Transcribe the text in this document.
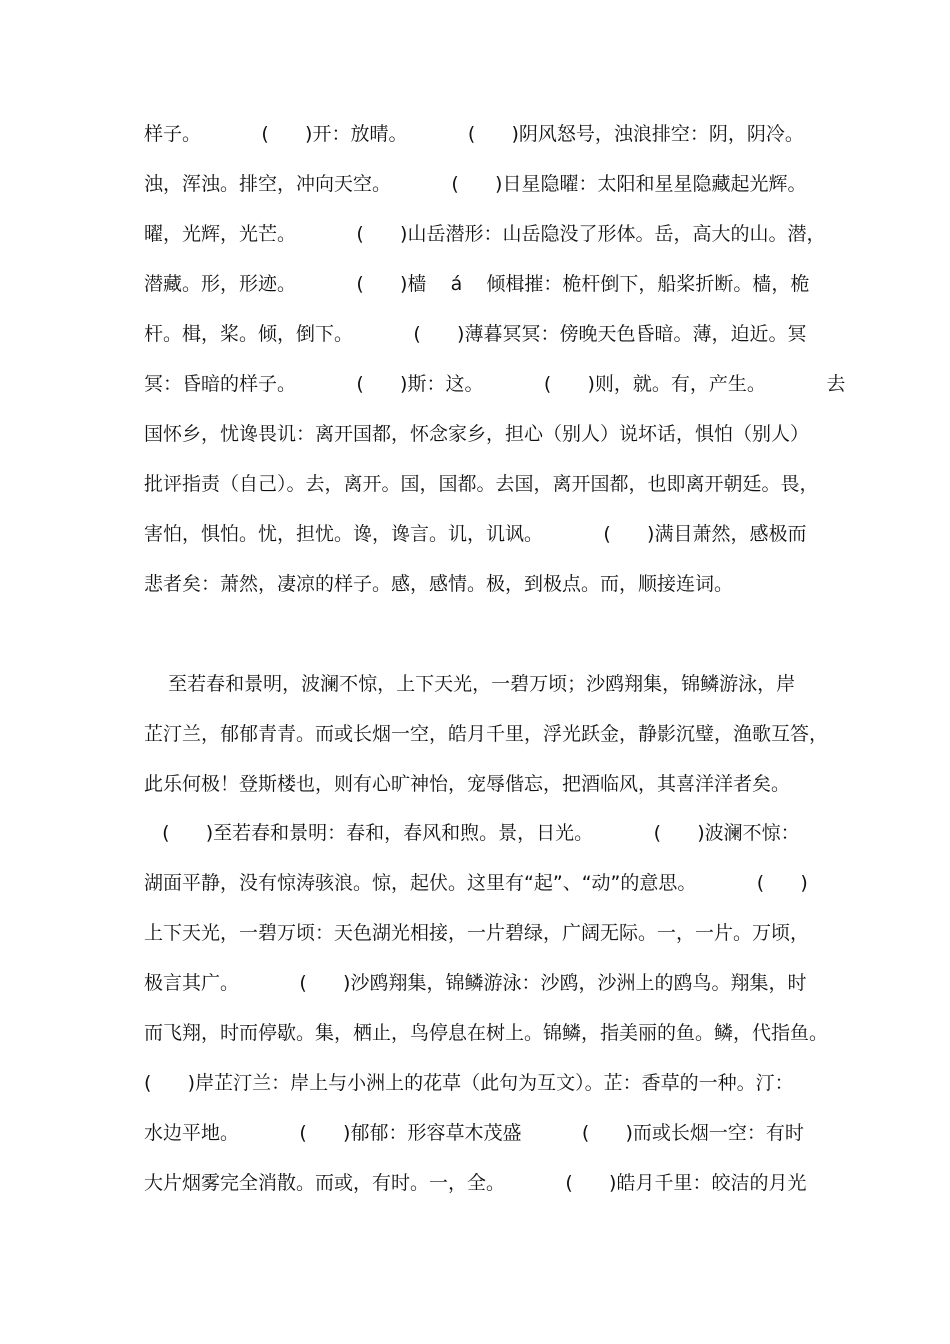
样子。          (      )开：放晴。          (      )阴风怒号，浊浪排空：阴，阴冷。
浊，浑浊。排空，冲向天空。          (      )日星隐曜：太阳和星星隐藏起光辉。
曜，光辉，光芒。          (      )山岳潜形：山岳隐没了形体。岳，高大的山。潜，
潜藏。形，形迹。          (      )樯    á    倾楫摧：桅杆倒下，船桨折断。樯，桅
杆。楫，桨。倾，倒下。          (      )薄暮冥冥：傍晚天色昏暗。薄，迫近。冥
冥：昏暗的样子。          (      )斯：这。          (      )则，就。有，产生。          去
国怀乡，忧谗畏讥：离开国都，怀念家乡，担心（别人）说坏话，惧怕（别人）
批评指责（自己）。去，离开。国，国都。去国，离开国都，也即离开朝廷。畏，
害怕，惧怕。忧，担忧。谗，谗言。讥，讥讽。          (      )满目萧然，感极而
悲者矣：萧然，凄凉的样子。感，感情。极，到极点。而，顺接连词。
至若春和景明，波澜不惊，上下天光，一碧万顷；沙鸥翔集，锦鳞游泳，岸
芷汀兰，郁郁青青。而或长烟一空，皓月千里，浮光跃金，静影沉璧，渔歌互答，
此乐何极！登斯楼也，则有心旷神怡，宠辱偕忘，把酒临风，其喜洋洋者矣。
(      )至若春和景明：春和，春风和煦。景，日光。          (      )波澜不惊：
湖面平静，没有惊涛骇浪。惊，起伏。这里有“起”、“动”的意思。          (      )
上下天光，一碧万顷：天色湖光相接，一片碧绿，广阔无际。一，一片。万顷，
极言其广。          (      )沙鸥翔集，锦鳞游泳：沙鸥，沙洲上的鸥鸟。翔集，时
而飞翔，时而停歇。集，栖止，鸟停息在树上。锦鳞，指美丽的鱼。鳞，代指鱼。
(      )岸芷汀兰：岸上与小洲上的花草（此句为互文）。芷：香草的一种。汀：
水边平地。          (      )郁郁：形容草木茂盛          (      )而或长烟一空：有时
大片烟雾完全消散。而或，有时。一，全。          (      )皓月千里：皎洁的月光
